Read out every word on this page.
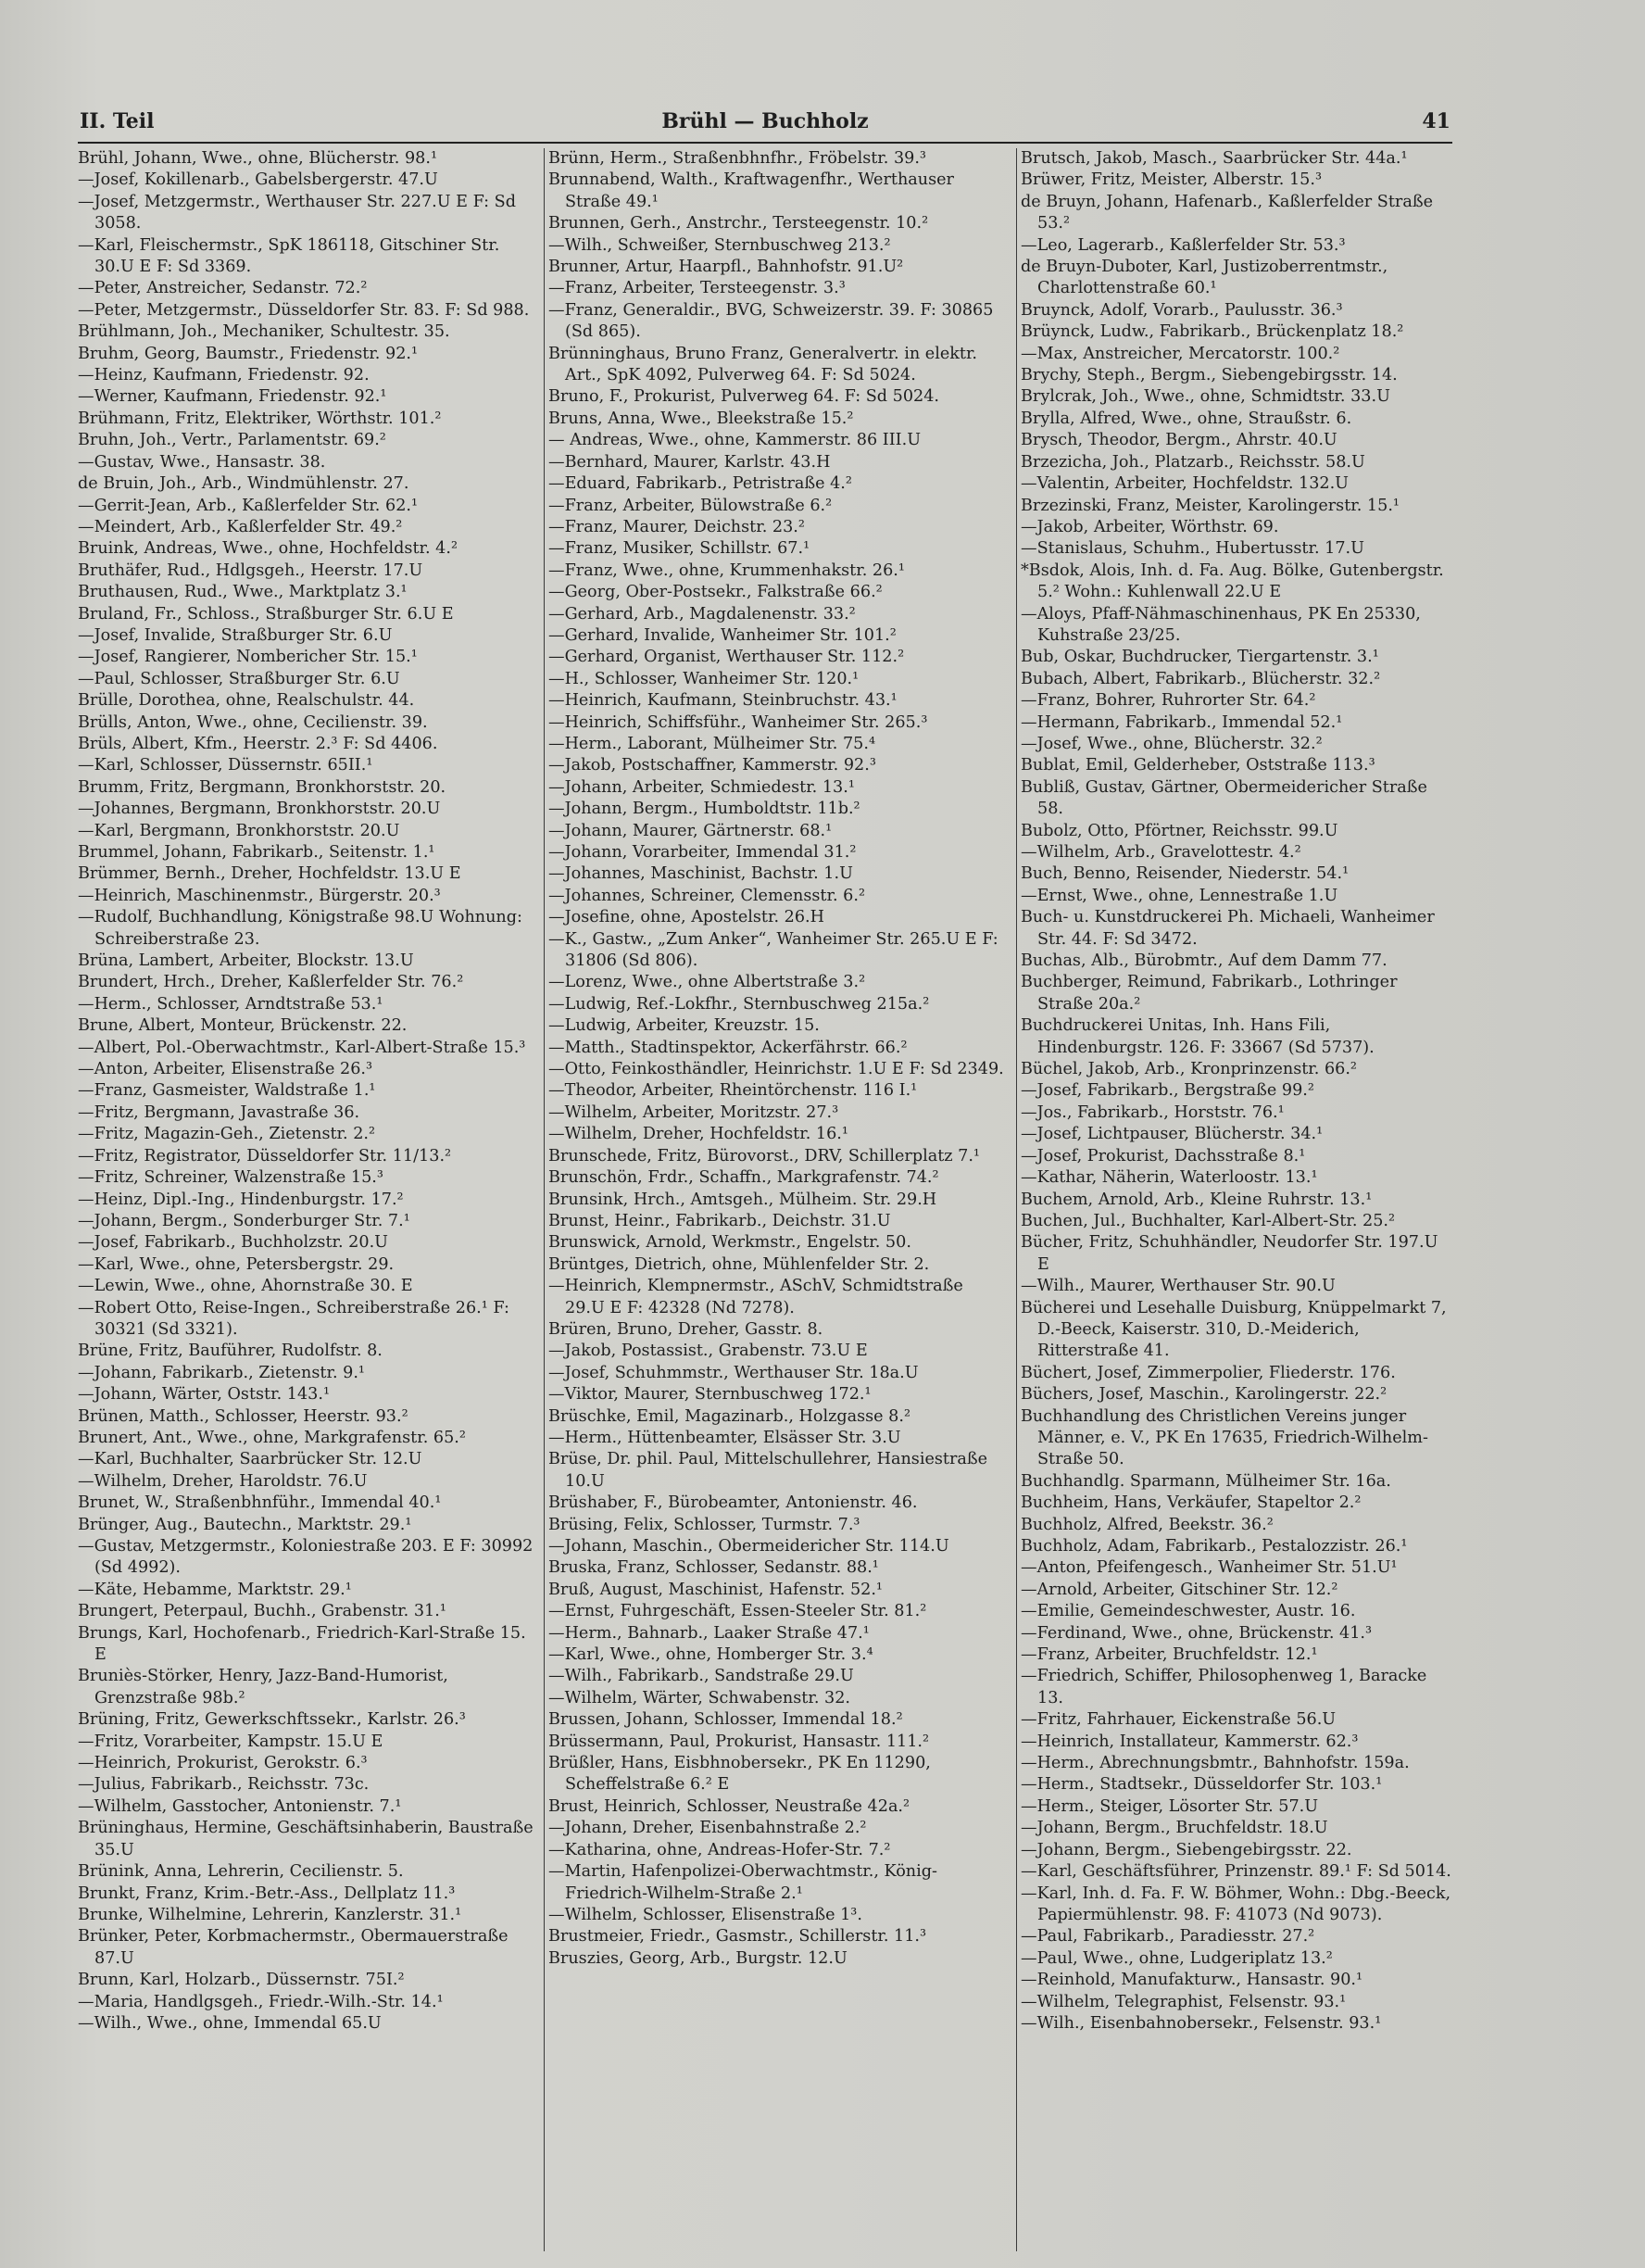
II. Teil	Brühl — Buchholz	41
Brühl, Johann, Wwe., ohne, Blücherstr. 98.¹
—Josef, Kokillenarb., Gabelsbergerstr. 47.U
—Josef, Metzgermstr., Werthauser Str. 227.U E F: Sd 3058.
—Karl, Fleischermstr., SpK 186118, Gitschiner Str. 30.U E F: Sd 3369.
—Peter, Anstreicher, Sedanstr. 72.²
—Peter, Metzgermstr., Düsseldorfer Str. 83. F: Sd 988.
Brühlmann, Joh., Mechaniker, Schultestr. 35.
Bruhm, Georg, Baumstr., Friedenstr. 92.¹
—Heinz, Kaufmann, Friedenstr. 92.
—Werner, Kaufmann, Friedenstr. 92.¹
Brühmann, Fritz, Elektriker, Wörthstr. 101.²
Bruhn, Joh., Vertr., Parlamentstr. 69.²
—Gustav, Wwe., Hansastr. 38.
de Bruin, Joh., Arb., Windmühlenstr. 27.
—Gerrit-Jean, Arb., Kaßlerfelder Str. 62.¹
—Meindert, Arb., Kaßlerfelder Str. 49.²
Bruink, Andreas, Wwe., ohne, Hochfeldstr. 4.²
Bruthäfer, Rud., Hdlgsgeh., Heerstr. 17.U
Bruthausen, Rud., Wwe., Marktplatz 3.¹
Bruland, Fr., Schloss., Straßburger Str. 6.U E
—Josef, Invalide, Straßburger Str. 6.U
—Josef, Rangierer, Nombericher Str. 15.¹
—Paul, Schlosser, Straßburger Str. 6.U
Brülle, Dorothea, ohne, Realschulstr. 44.
Brülls, Anton, Wwe., ohne, Cecilienstr. 39.
Brüls, Albert, Kfm., Heerstr. 2.³ F: Sd 4406.
—Karl, Schlosser, Düssernstr. 65II.¹
Brumm, Fritz, Bergmann, Bronkhorststr. 20.
—Johannes, Bergmann, Bronkhorststr. 20.U
—Karl, Bergmann, Bronkhorststr. 20.U
Brummel, Johann, Fabrikarb., Seitenstr. 1.¹
Brümmer, Bernh., Dreher, Hochfeldstr. 13.U E
—Heinrich, Maschinenmstr., Bürgerstr. 20.³
—Rudolf, Buchhandlung, Königstraße 98.U Wohnung: Schreiberstraße 23.
Brüna, Lambert, Arbeiter, Blockstr. 13.U
Brundert, Hrch., Dreher, Kaßlerfelder Str. 76.²
—Herm., Schlosser, Arndtstraße 53.¹
Brune, Albert, Monteur, Brückenstr. 22.
—Albert, Pol.-Oberwachtmstr., Karl-Albert-Straße 15.³
—Anton, Arbeiter, Elisenstraße 26.³
—Franz, Gasmeister, Waldstraße 1.¹
—Fritz, Bergmann, Javastraße 36.
—Fritz, Magazin-Geh., Zietenstr. 2.²
—Fritz, Registrator, Düsseldorfer Str. 11/13.²
—Fritz, Schreiner, Walzenstraße 15.³
—Heinz, Dipl.-Ing., Hindenburgstr. 17.²
—Johann, Bergm., Sonderburger Str. 7.¹
—Josef, Fabrikarb., Buchholzstr. 20.U
—Karl, Wwe., ohne, Petersbergstr. 29.
—Lewin, Wwe., ohne, Ahornstraße 30. E
—Robert Otto, Reise-Ingen., Schreiberstraße 26.¹ F: 30321 (Sd 3321).
Brüne, Fritz, Bauführer, Rudolfstr. 8.
—Johann, Fabrikarb., Zietenstr. 9.¹
—Johann, Wärter, Oststr. 143.¹
Brünen, Matth., Schlosser, Heerstr. 93.²
Brunert, Ant., Wwe., ohne, Markgrafenstr. 65.²
—Karl, Buchhalter, Saarbrücker Str. 12.U
—Wilhelm, Dreher, Haroldstr. 76.U
Brunet, W., Straßenbhnführ., Immendal 40.¹
Brünger, Aug., Bautechn., Marktstr. 29.¹
—Gustav, Metzgermstr., Koloniestraße 203. E F: 30992 (Sd 4992).
—Käte, Hebamme, Marktstr. 29.¹
Brungert, Peterpaul, Buchh., Grabenstr. 31.¹
Brungs, Karl, Hochofenarb., Friedrich-Karl-Straße 15. E
Bruniès-Störker, Henry, Jazz-Band-Humorist, Grenzstraße 98b.²
Brüning, Fritz, Gewerkschftssekr., Karlstr. 26.³
—Fritz, Vorarbeiter, Kampstr. 15.U E
—Heinrich, Prokurist, Gerokstr. 6.³
—Julius, Fabrikarb., Reichsstr. 73c.
—Wilhelm, Gasstocher, Antonienstr. 7.¹
Brüninghaus, Hermine, Geschäftsinhaberin, Baustraße 35.U
Brünink, Anna, Lehrerin, Cecilienstr. 5.
Brunkt, Franz, Krim.-Betr.-Ass., Dellplatz 11.³
Brunke, Wilhelmine, Lehrerin, Kanzlerstr. 31.¹
Brünker, Peter, Korbmachermstr., Obermauerstraße 87.U
Brunn, Karl, Holzarb., Düssernstr. 75I.²
—Maria, Handlgsgeh., Friedr.-Wilh.-Str. 14.¹
—Wilh., Wwe., ohne, Immendal 65.U
Brünn, Herm., Straßenbhnfhr., Fröbelstr. 39.³
Brunnabend, Walth., Kraftwagenfhr., Werthauser Straße 49.¹
Brunnen, Gerh., Anstrchr., Tersteegenstr. 10.²
—Wilh., Schweißer, Sternbuschweg 213.²
Brunner, Artur, Haarpfl., Bahnhofstr. 91.U²
—Franz, Arbeiter, Tersteegenstr. 3.³
—Franz, Generaldir., BVG, Schweizerstr. 39. F: 30865 (Sd 865).
Brünninghaus, Bruno Franz, Generalvertr. in elektr. Art., SpK 4092, Pulverweg 64. F: Sd 5024.
Bruno, F., Prokurist, Pulverweg 64. F: Sd 5024.
Bruns, Anna, Wwe., Bleekstraße 15.²
— Andreas, Wwe., ohne, Kammerstr. 86 III.U
—Bernhard, Maurer, Karlstr. 43.H
—Eduard, Fabrikarb., Petristraße 4.²
—Franz, Arbeiter, Bülowstraße 6.²
—Franz, Maurer, Deichstr. 23.²
—Franz, Musiker, Schillstr. 67.¹
—Franz, Wwe., ohne, Krummenhakstr. 26.¹
—Georg, Ober-Postsekr., Falkstraße 66.²
—Gerhard, Arb., Magdalenenstr. 33.²
—Gerhard, Invalide, Wanheimer Str. 101.²
—Gerhard, Organist, Werthauser Str. 112.²
—H., Schlosser, Wanheimer Str. 120.¹
—Heinrich, Kaufmann, Steinbruchstr. 43.¹
—Heinrich, Schiffsführ., Wanheimer Str. 265.³
—Herm., Laborant, Mülheimer Str. 75.⁴
—Jakob, Postschaffner, Kammerstr. 92.³
—Johann, Arbeiter, Schmiedestr. 13.¹
—Johann, Bergm., Humboldtstr. 11b.²
—Johann, Maurer, Gärtnerstr. 68.¹
—Johann, Vorarbeiter, Immendal 31.²
—Johannes, Maschinist, Bachstr. 1.U
—Johannes, Schreiner, Clemensstr. 6.²
—Josefine, ohne, Apostelstr. 26.H
—K., Gastw., „Zum Anker“, Wanheimer Str. 265.U E F: 31806 (Sd 806).
—Lorenz, Wwe., ohne Albertstraße 3.²
—Ludwig, Ref.-Lokfhr., Sternbuschweg 215a.²
—Ludwig, Arbeiter, Kreuzstr. 15.
—Matth., Stadtinspektor, Ackerfährstr. 66.²
—Otto, Feinkosthändler, Heinrichstr. 1.U E F: Sd 2349.
—Theodor, Arbeiter, Rheintörchenstr. 116 I.¹
—Wilhelm, Arbeiter, Moritzstr. 27.³
—Wilhelm, Dreher, Hochfeldstr. 16.¹
Brunschede, Fritz, Bürovorst., DRV, Schillerplatz 7.¹
Brunschön, Frdr., Schaffn., Markgrafenstr. 74.²
Brunsink, Hrch., Amtsgeh., Mülheim. Str. 29.H
Brunst, Heinr., Fabrikarb., Deichstr. 31.U
Brunswick, Arnold, Werkmstr., Engelstr. 50.
Brüntges, Dietrich, ohne, Mühlenfelder Str. 2.
—Heinrich, Klempnermstr., ASchV, Schmidtstraße 29.U E F: 42328 (Nd 7278).
Brüren, Bruno, Dreher, Gasstr. 8.
—Jakob, Postassist., Grabenstr. 73.U E
—Josef, Schuhmmstr., Werthauser Str. 18a.U
—Viktor, Maurer, Sternbuschweg 172.¹
Brüschke, Emil, Magazinarb., Holzgasse 8.²
—Herm., Hüttenbeamter, Elsässer Str. 3.U
Brüse, Dr. phil. Paul, Mittelschullehrer, Hansiestraße 10.U
Brüshaber, F., Bürobeamter, Antonienstr. 46.
Brüsing, Felix, Schlosser, Turmstr. 7.³
—Johann, Maschin., Obermeidericher Str. 114.U
Bruska, Franz, Schlosser, Sedanstr. 88.¹
Bruß, August, Maschinist, Hafenstr. 52.¹
—Ernst, Fuhrgeschäft, Essen-Steeler Str. 81.²
—Herm., Bahnarb., Laaker Straße 47.¹
—Karl, Wwe., ohne, Homberger Str. 3.⁴
—Wilh., Fabrikarb., Sandstraße 29.U
—Wilhelm, Wärter, Schwabenstr. 32.
Brussen, Johann, Schlosser, Immendal 18.²
Brüssermann, Paul, Prokurist, Hansastr. 111.²
Brüßler, Hans, Eisbhnobersekr., PK En 11290, Scheffelstraße 6.² E
Brust, Heinrich, Schlosser, Neustraße 42a.²
—Johann, Dreher, Eisenbahnstraße 2.²
—Katharina, ohne, Andreas-Hofer-Str. 7.²
—Martin, Hafenpolizei-Oberwachtmstr., König-Friedrich-Wilhelm-Straße 2.¹
—Wilhelm, Schlosser, Elisenstraße 1³.
Brustmeier, Friedr., Gasmstr., Schillerstr. 11.³
Bruszies, Georg, Arb., Burgstr. 12.U
Brutsch, Jakob, Masch., Saarbrücker Str. 44a.¹
Brüwer, Fritz, Meister, Alberstr. 15.³
de Bruyn, Johann, Hafenarb., Kaßlerfelder Straße 53.²
—Leo, Lagerarb., Kaßlerfelder Str. 53.³
de Bruyn-Duboter, Karl, Justizoberrentmstr., Charlottenstraße 60.¹
Bruynck, Adolf, Vorarb., Paulusstr. 36.³
Brüynck, Ludw., Fabrikarb., Brückenplatz 18.²
—Max, Anstreicher, Mercatorstr. 100.²
Brychy, Steph., Bergm., Siebengebirgsstr. 14.
Brylcrak, Joh., Wwe., ohne, Schmidtstr. 33.U
Brylla, Alfred, Wwe., ohne, Straußstr. 6.
Brysch, Theodor, Bergm., Ahrstr. 40.U
Brzezicha, Joh., Platzarb., Reichsstr. 58.U
—Valentin, Arbeiter, Hochfeldstr. 132.U
Brzezinski, Franz, Meister, Karolingerstr. 15.¹
—Jakob, Arbeiter, Wörthstr. 69.
—Stanislaus, Schuhm., Hubertusstr. 17.U
*Bsdok, Alois, Inh. d. Fa. Aug. Bölke, Gutenbergstr. 5.² Wohn.: Kuhlenwall 22.U E
—Aloys, Pfaff-Nähmaschinenhaus, PK En 25330, Kuhstraße 23/25.
Bub, Oskar, Buchdrucker, Tiergartenstr. 3.¹
Bubach, Albert, Fabrikarb., Blücherstr. 32.²
—Franz, Bohrer, Ruhrorter Str. 64.²
—Hermann, Fabrikarb., Immendal 52.¹
—Josef, Wwe., ohne, Blücherstr. 32.²
Bublat, Emil, Gelderheber, Oststraße 113.³
Bubliß, Gustav, Gärtner, Obermeidericher Straße 58.
Bubolz, Otto, Pförtner, Reichsstr. 99.U
—Wilhelm, Arb., Gravelottestr. 4.²
Buch, Benno, Reisender, Niederstr. 54.¹
—Ernst, Wwe., ohne, Lennestraße 1.U
Buch- u. Kunstdruckerei Ph. Michaeli, Wanheimer Str. 44. F: Sd 3472.
Buchas, Alb., Bürobmtr., Auf dem Damm 77.
Buchberger, Reimund, Fabrikarb., Lothringer Straße 20a.²
Buchdruckerei Unitas, Inh. Hans Fili, Hindenburgstr. 126. F: 33667 (Sd 5737).
Büchel, Jakob, Arb., Kronprinzenstr. 66.²
—Josef, Fabrikarb., Bergstraße 99.²
—Jos., Fabrikarb., Horststr. 76.¹
—Josef, Lichtpauser, Blücherstr. 34.¹
—Josef, Prokurist, Dachsstraße 8.¹
—Kathar, Näherin, Waterloostr. 13.¹
Buchem, Arnold, Arb., Kleine Ruhrstr. 13.¹
Buchen, Jul., Buchhalter, Karl-Albert-Str. 25.²
Bücher, Fritz, Schuhhändler, Neudorfer Str. 197.U E
—Wilh., Maurer, Werthauser Str. 90.U
Bücherei und Lesehalle Duisburg, Knüppelmarkt 7, D.-Beeck, Kaiserstr. 310, D.-Meiderich, Ritterstraße 41.
Büchert, Josef, Zimmerpolier, Fliederstr. 176.
Büchers, Josef, Maschin., Karolingerstr. 22.²
Buchhandlung des Christlichen Vereins junger Männer, e. V., PK En 17635, Friedrich-Wilhelm-Straße 50.
Buchhandlg. Sparmann, Mülheimer Str. 16a.
Buchheim, Hans, Verkäufer, Stapeltor 2.²
Buchholz, Alfred, Beekstr. 36.²
Buchholz, Adam, Fabrikarb., Pestalozzistr. 26.¹
—Anton, Pfeifengesch., Wanheimer Str. 51.U¹
—Arnold, Arbeiter, Gitschiner Str. 12.²
—Emilie, Gemeindeschwester, Austr. 16.
—Ferdinand, Wwe., ohne, Brückenstr. 41.³
—Franz, Arbeiter, Bruchfeldstr. 12.¹
—Friedrich, Schiffer, Philosophenweg 1, Baracke 13.
—Fritz, Fahrhauer, Eickenstraße 56.U
—Heinrich, Installateur, Kammerstr. 62.³
—Herm., Abrechnungsbmtr., Bahnhofstr. 159a.
—Herm., Stadtsekr., Düsseldorfer Str. 103.¹
—Herm., Steiger, Lösorter Str. 57.U
—Johann, Bergm., Bruchfeldstr. 18.U
—Johann, Bergm., Siebengebirgsstr. 22.
—Karl, Geschäftsführer, Prinzenstr. 89.¹ F: Sd 5014.
—Karl, Inh. d. Fa. F. W. Böhmer, Wohn.: Dbg.-Beeck, Papiermühlenstr. 98. F: 41073 (Nd 9073).
—Paul, Fabrikarb., Paradiesstr. 27.²
—Paul, Wwe., ohne, Ludgeriplatz 13.²
—Reinhold, Manufakturw., Hansastr. 90.¹
—Wilhelm, Telegraphist, Felsenstr. 93.¹
—Wilh., Eisenbahnobersekr., Felsenstr. 93.¹
